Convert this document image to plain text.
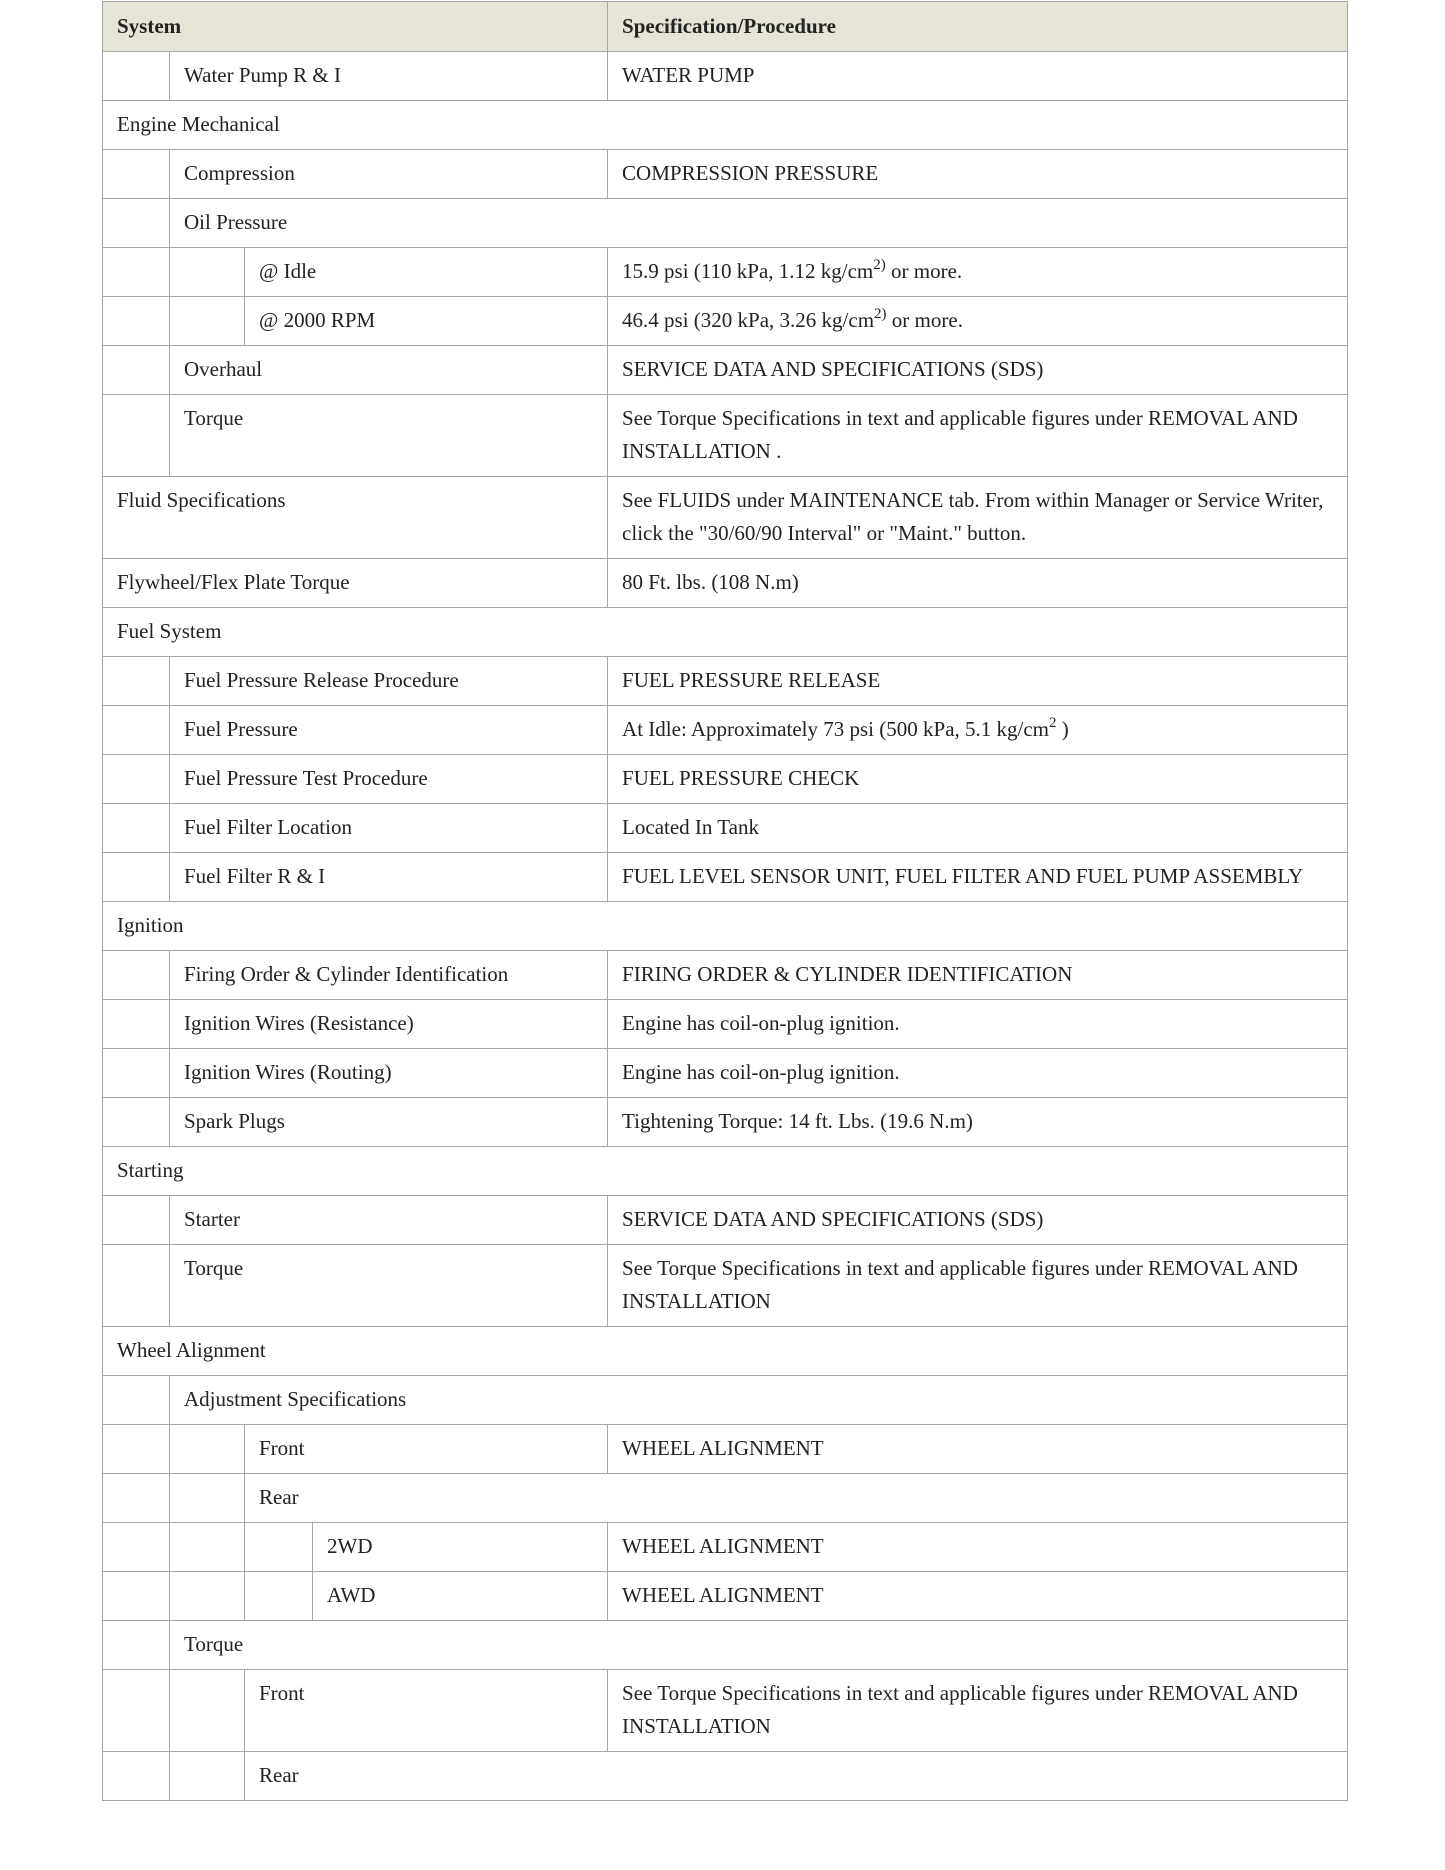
System				Specification/Procedure
	Water Pump R & I			WATER PUMP
Engine Mechanical				
	Compression			COMPRESSION PRESSURE
	Oil Pressure			
		@ Idle		15.9 psi (110 kPa, 1.12 $kg/cm^{2)}$ or more.
		@ 2000 RPM		46.4 psi (320 kPa, 3.26 $kg/cm^{2)}$ or more.
	Overhaul			SERVICE DATA AND SPECIFICATIONS (SDS)
	Torque			See Torque Specifications in text and applicable figures under REMOVAL AND INSTALLATION .
Fluid Specifications				See FLUIDS under MAINTENANCE tab. From within Manager or Service Writer, click the "30/60/90 Interval" or "Maint." button.
Flywheel/Flex Plate Torque				80 Ft. lbs. (108 N.m)
Fuel System				
	Fuel Pressure Release Procedure			FUEL PRESSURE RELEASE
	Fuel Pressure			At Idle: Approximately 73 psi (500 kPa, 5.1 $kg/cm^2$ )
	Fuel Pressure Test Procedure			FUEL PRESSURE CHECK
	Fuel Filter Location			Located In Tank
	Fuel Filter R & I			FUEL LEVEL SENSOR UNIT, FUEL FILTER AND FUEL PUMP ASSEMBLY
Ignition				
	Firing Order & Cylinder Identification			FIRING ORDER & CYLINDER IDENTIFICATION
	Ignition Wires (Resistance)			Engine has coil-on-plug ignition.
	Ignition Wires (Routing)			Engine has coil-on-plug ignition.
	Spark Plugs			Tightening Torque: 14 ft. Lbs. (19.6 N.m)
Starting				
	Starter			SERVICE DATA AND SPECIFICATIONS (SDS)
	Torque			See Torque Specifications in text and applicable figures under REMOVAL AND INSTALLATION
Wheel Alignment				
	Adjustment Specifications			
		Front		WHEEL ALIGNMENT
		Rear		
			2WD	WHEEL ALIGNMENT
			AWD	WHEEL ALIGNMENT
	Torque			
		Front		See Torque Specifications in text and applicable figures under REMOVAL AND INSTALLATION
		Rear		
